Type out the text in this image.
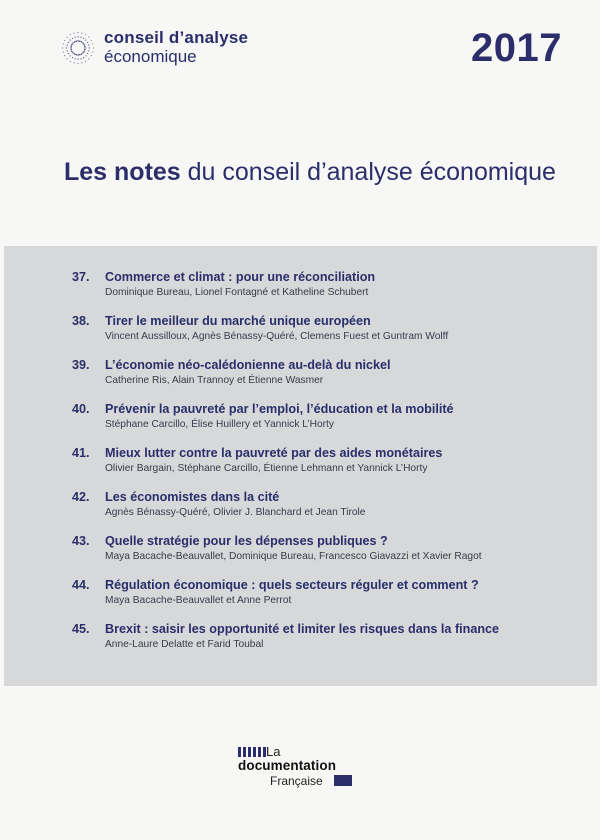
conseil d’analyse
économique	2017
Les notes du conseil d’analyse économique
37.	Commerce et climat : pour une réconciliation
Dominique Bureau, Lionel Fontagné et Katheline Schubert
38.	Tirer le meilleur du marché unique européen
Vincent Aussilloux, Agnès Bénassy-Quéré, Clemens Fuest et Guntram Wolff
39.	L’économie néo-calédonienne au-delà du nickel
Catherine Ris, Alain Trannoy et Étienne Wasmer
40.	Prévenir la pauvreté par l’emploi, l’éducation et la mobilité
Stéphane Carcillo, Élise Huillery et Yannick L’Horty
41.	Mieux lutter contre la pauvreté par des aides monétaires
Olivier Bargain, Stéphane Carcillo, Étienne Lehmann et Yannick L’Horty
42.	Les économistes dans la cité
Agnès Bénassy-Quéré, Olivier J. Blanchard et Jean Tirole
43.	Quelle stratégie pour les dépenses publiques ?
Maya Bacache-Beauvallet, Dominique Bureau, Francesco Giavazzi et Xavier Ragot
44.	Régulation économique : quels secteurs réguler et comment ?
Maya Bacache-Beauvallet et Anne Perrot
45.	Brexit : saisir les opportunité et limiter les risques dans la finance
Anne-Laure Delatte et Farid Toubal
La
documentation
Française
